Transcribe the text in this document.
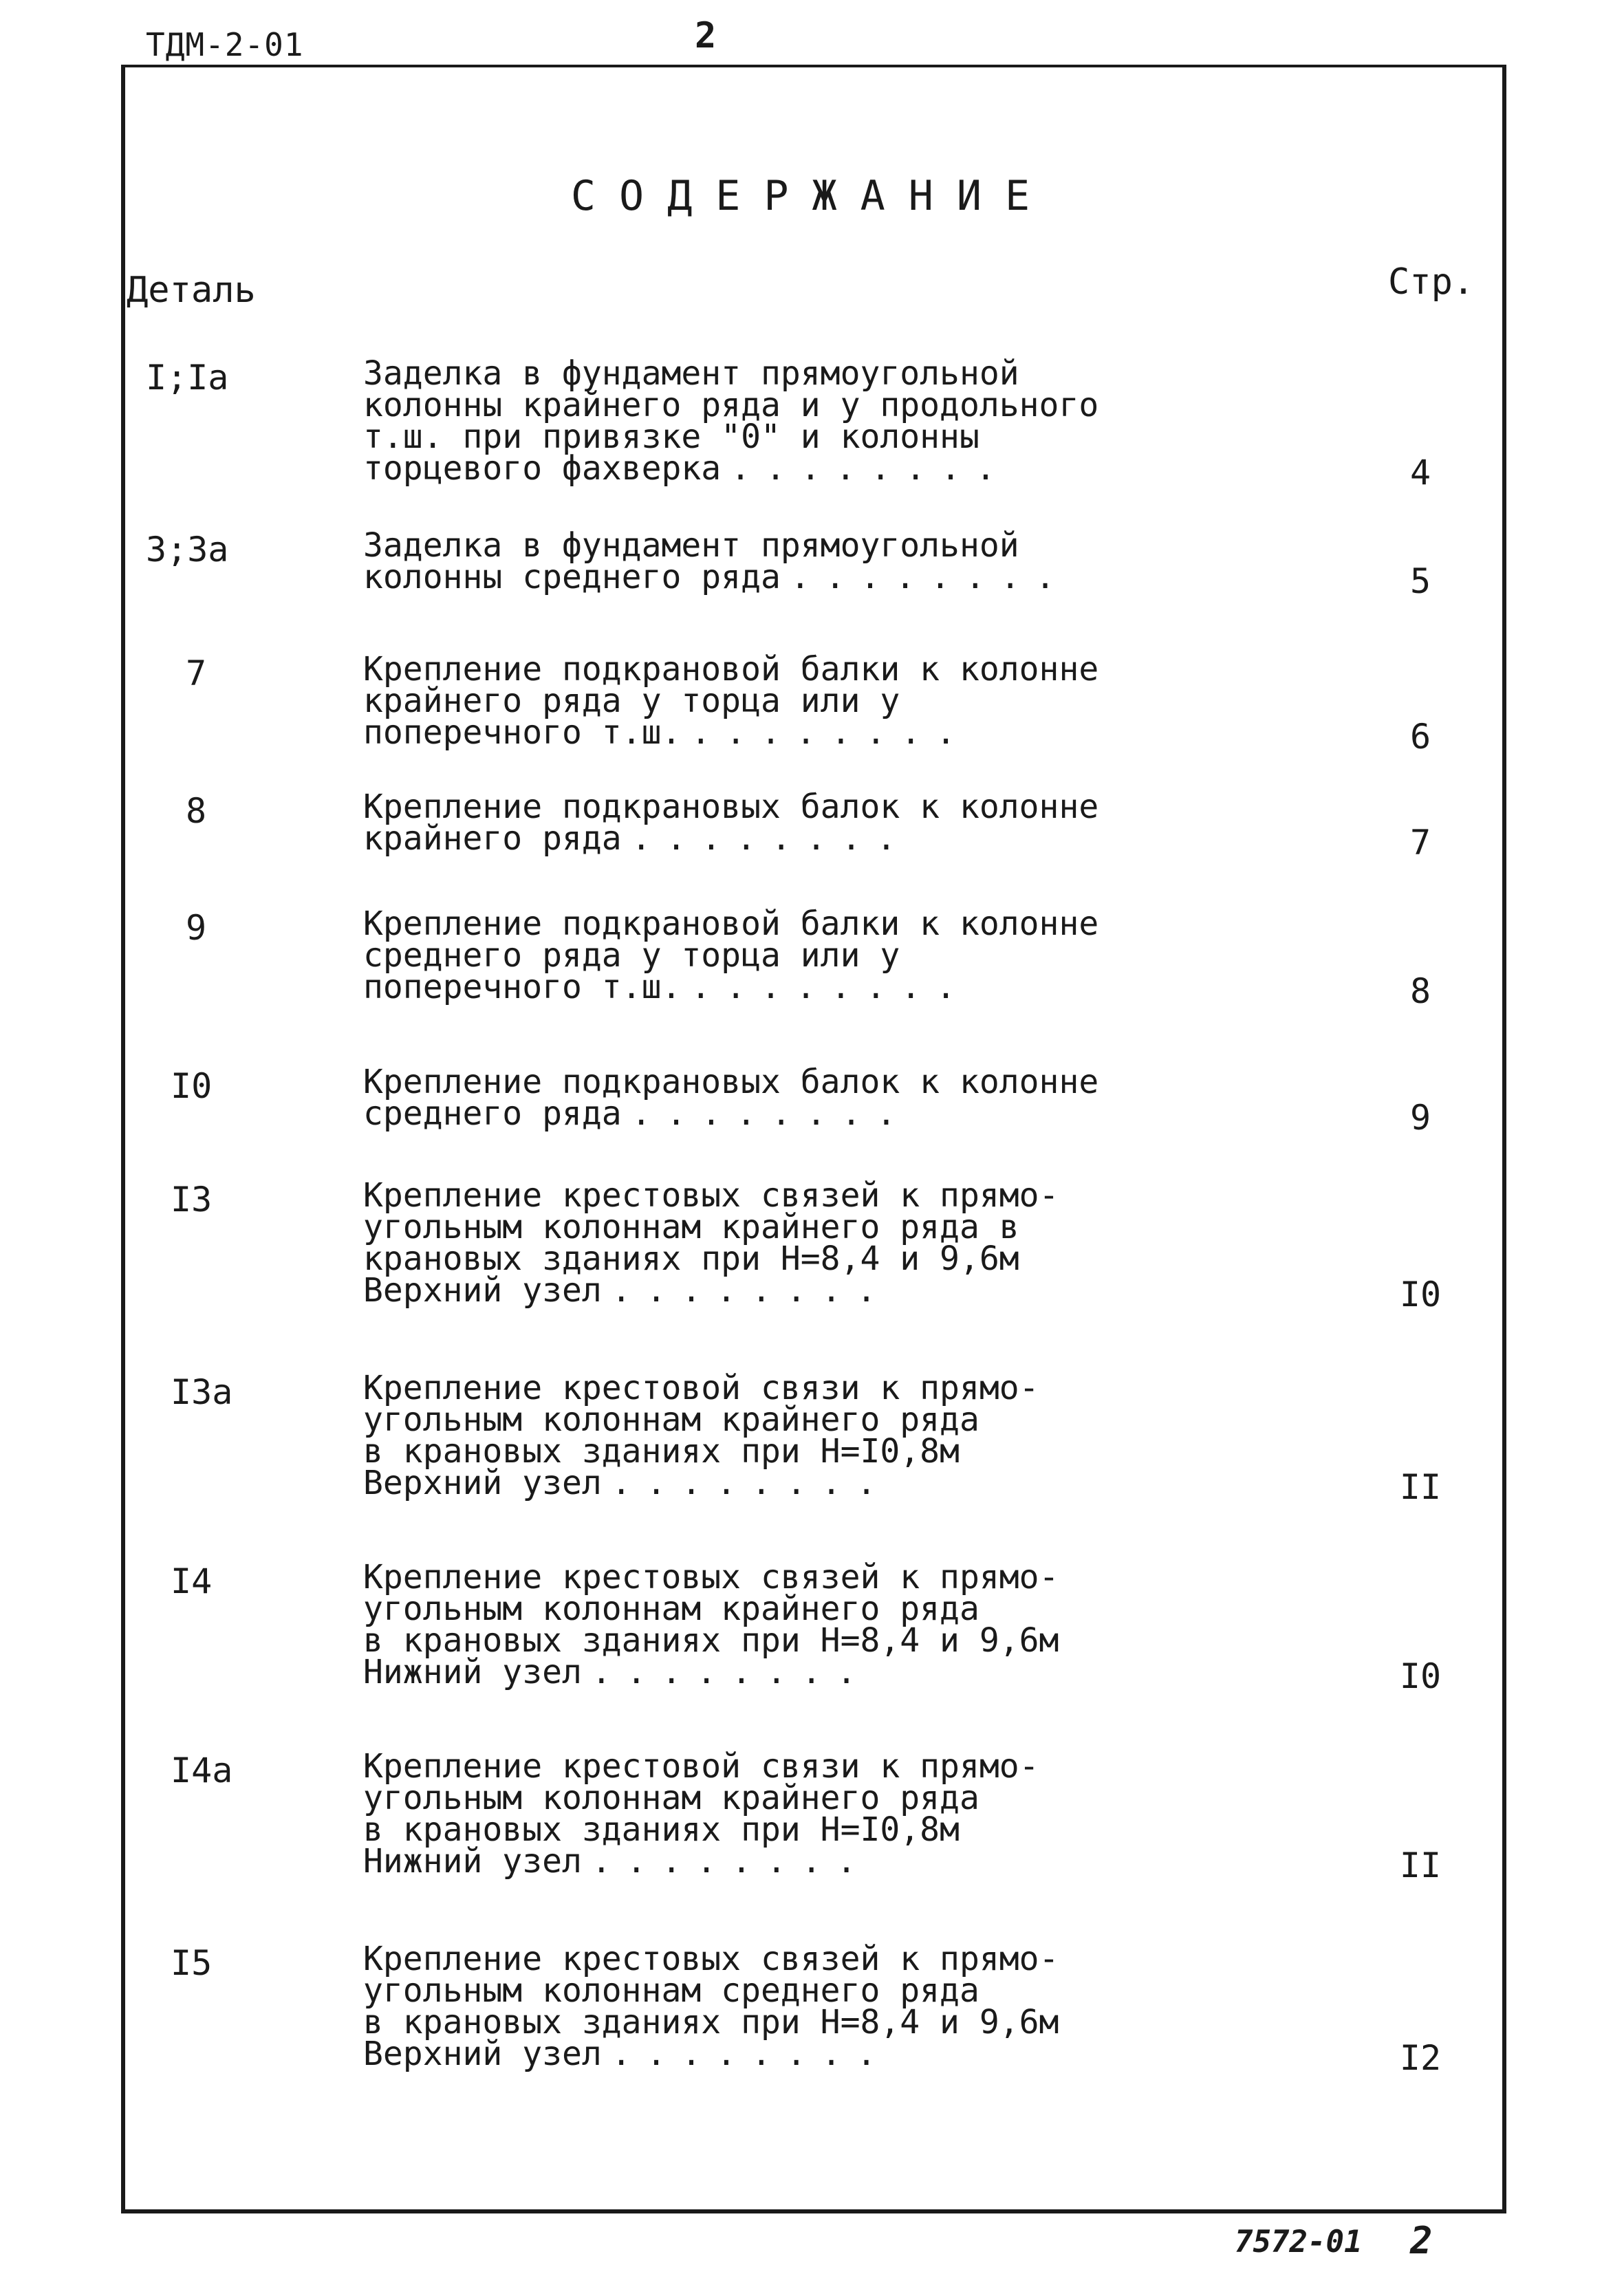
ТДМ-2-01	2
СОДЕРЖАНИЕ
Деталь	Стр.
I;Ia	Заделка в фундамент прямоугольной
колонны крайнего ряда и у продольного
т.ш. при привязке "0" и колонны
торцевого фахверка ........	4
3;3a	Заделка в фундамент прямоугольной
колонны среднего ряда ........	5
7	Крепление подкрановой балки к колонне
крайнего ряда у торца или у
поперечного т.ш. ........	6
8	Крепление подкрановых балок к колонне
крайнего ряда ........	7
9	Крепление подкрановой балки к колонне
среднего ряда у торца или у
поперечного т.ш. ........	8
I0	Крепление подкрановых балок к колонне
среднего ряда ........	9
I3	Крепление крестовых связей к прямо-
угольным колоннам крайнего ряда в
крановых зданиях при Н=8,4 и 9,6м
Верхний узел ........	I0
I3a	Крепление крестовой связи к прямо-
угольным колоннам крайнего ряда
в крановых зданиях при Н=I0,8м
Верхний узел ........	II
I4	Крепление крестовых связей к прямо-
угольным колоннам крайнего ряда
в крановых зданиях при Н=8,4 и 9,6м
Нижний узел ........	I0
I4a	Крепление крестовой связи к прямо-
угольным колоннам крайнего ряда
в крановых зданиях при Н=I0,8м
Нижний узел ........	II
I5	Крепление крестовых связей к прямо-
угольным колоннам среднего ряда
в крановых зданиях при Н=8,4 и 9,6м
Верхний узел ........	I2
7572-01 2
